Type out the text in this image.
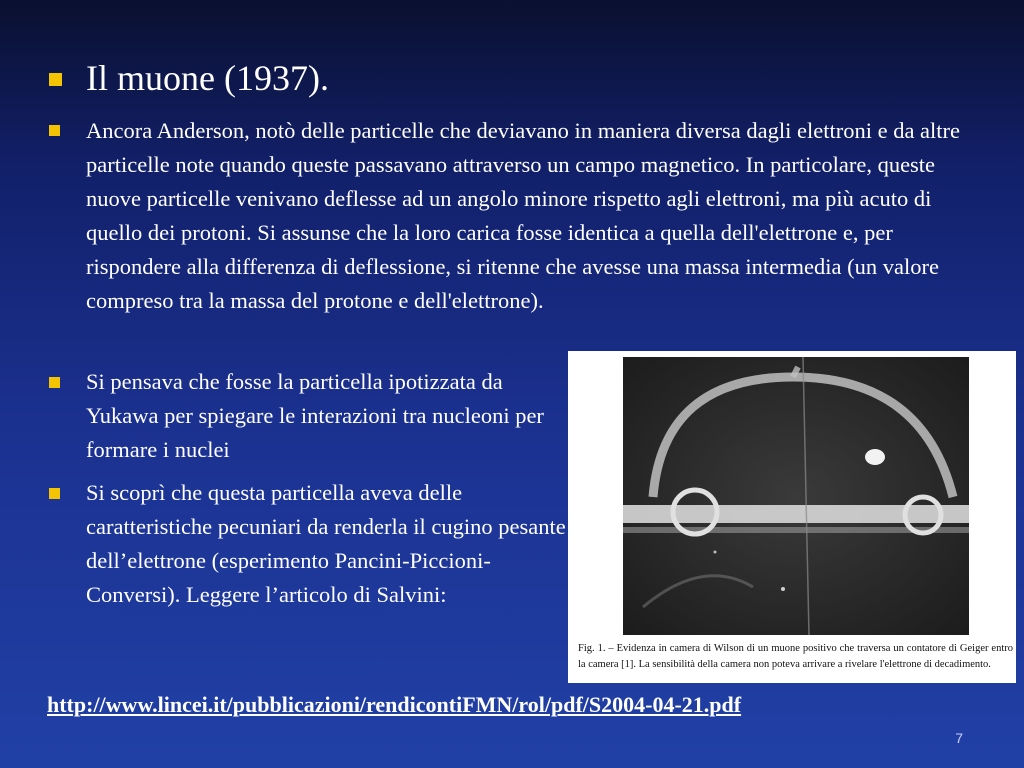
Il muone (1937).
Ancora Anderson, notò delle particelle che deviavano in maniera diversa dagli elettroni e da altre particelle note quando queste passavano attraverso un campo magnetico. In particolare, queste nuove particelle venivano deflesse ad un angolo minore rispetto agli elettroni, ma più acuto di quello dei protoni. Si assunse che la loro carica fosse identica a quella dell'elettrone e, per rispondere alla differenza di deflessione, si ritenne che avesse una massa intermedia (un valore compreso tra la massa del protone e dell'elettrone).
Si pensava che fosse la particella ipotizzata da Yukawa per spiegare le interazioni tra nucleoni per formare i nuclei
Si scoprì che questa particella aveva delle caratteristiche pecuniari da renderla il cugino pesante dell’elettrone (esperimento Pancini-Piccioni-Conversi). Leggere l’articolo di Salvini:
Fig. 1. – Evidenza in camera di Wilson di un muone positivo che traversa un contatore di Geiger entro la camera [1]. La sensibilità della camera non poteva arrivare a rivelare l'elettrone di decadimento.
http://www.lincei.it/pubblicazioni/rendicontiFMN/rol/pdf/S2004-04-21.pdf
7
